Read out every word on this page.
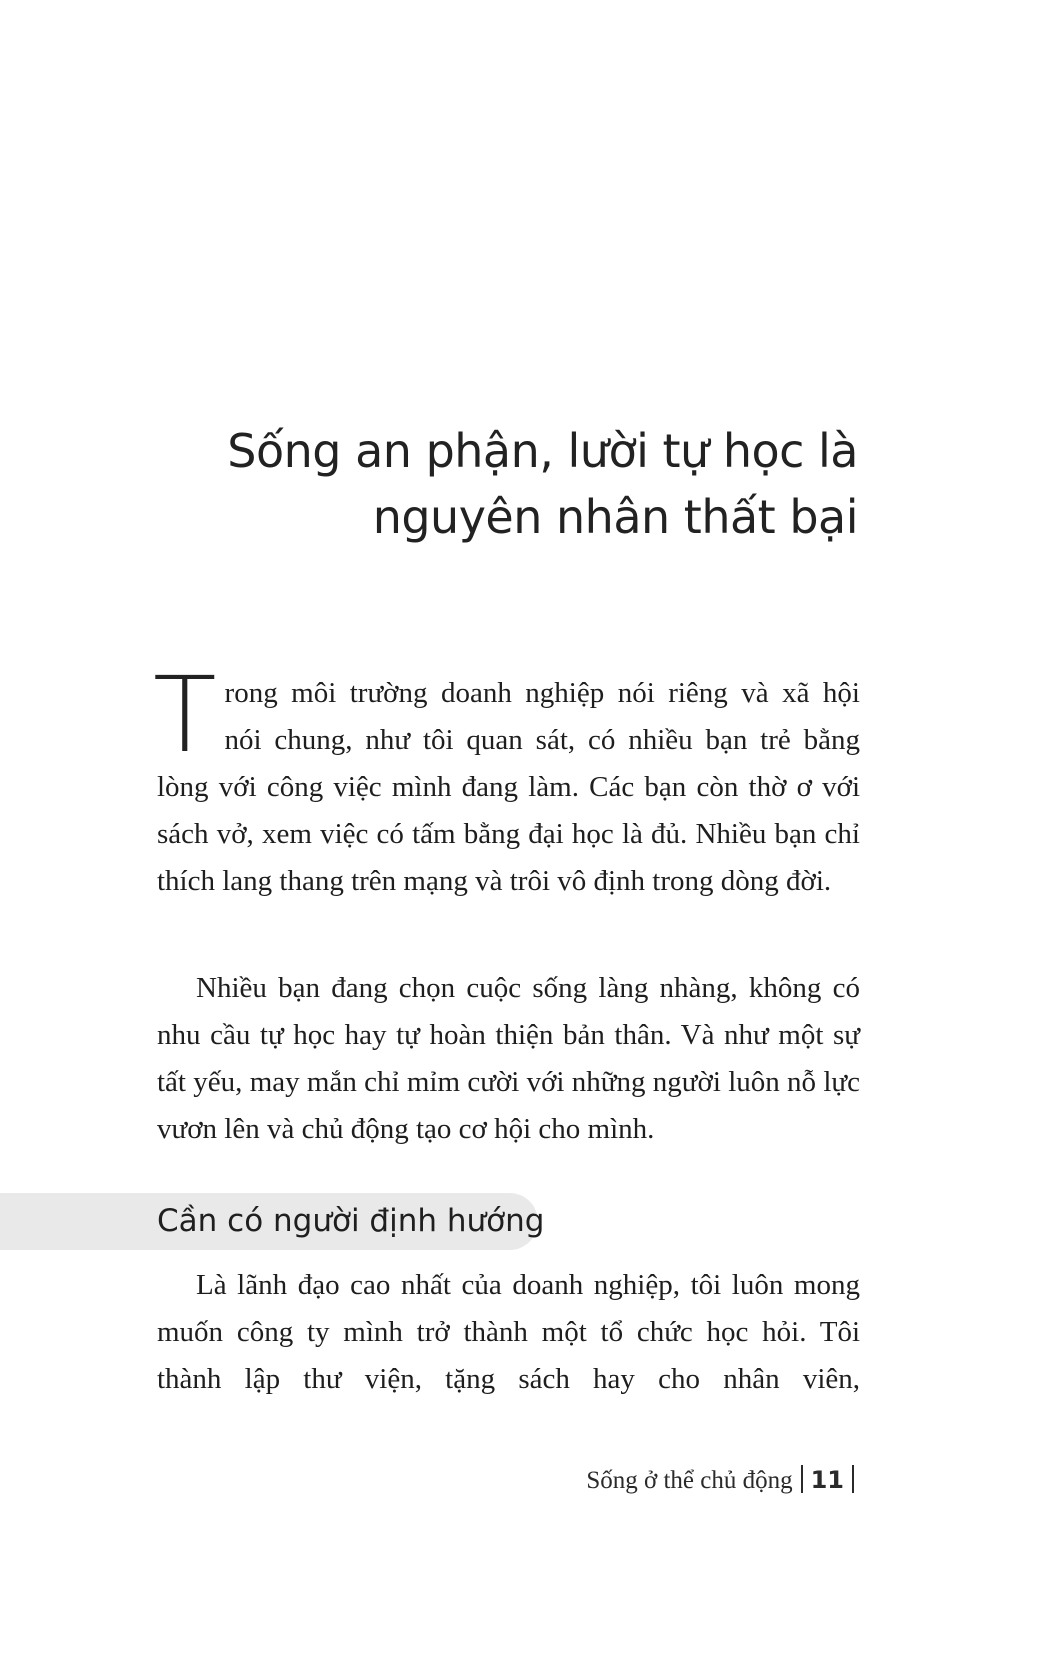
Sống an phận, lười tự học là
nguyên nhân thất bại

T rong môi trường doanh nghiệp nói riêng và xã hội
nói chung, như tôi quan sát, có nhiều bạn trẻ bằng
lòng với công việc mình đang làm. Các bạn còn thờ ơ với sách vở, xem việc có tấm bằng đại học là đủ. Nhiều bạn chỉ thích lang thang trên mạng và trôi vô định trong dòng đời.

Nhiều bạn đang chọn cuộc sống làng nhàng, không có nhu cầu tự học hay tự hoàn thiện bản thân. Và như một sự tất yếu, may mắn chỉ mỉm cười với những người luôn nỗ lực vươn lên và chủ động tạo cơ hội cho mình.

Cần có người định hướng

Là lãnh đạo cao nhất của doanh nghiệp, tôi luôn mong muốn công ty mình trở thành một tổ chức học hỏi. Tôi thành lập thư viện, tặng sách hay cho nhân viên,

Sống ở thể chủ động 11
